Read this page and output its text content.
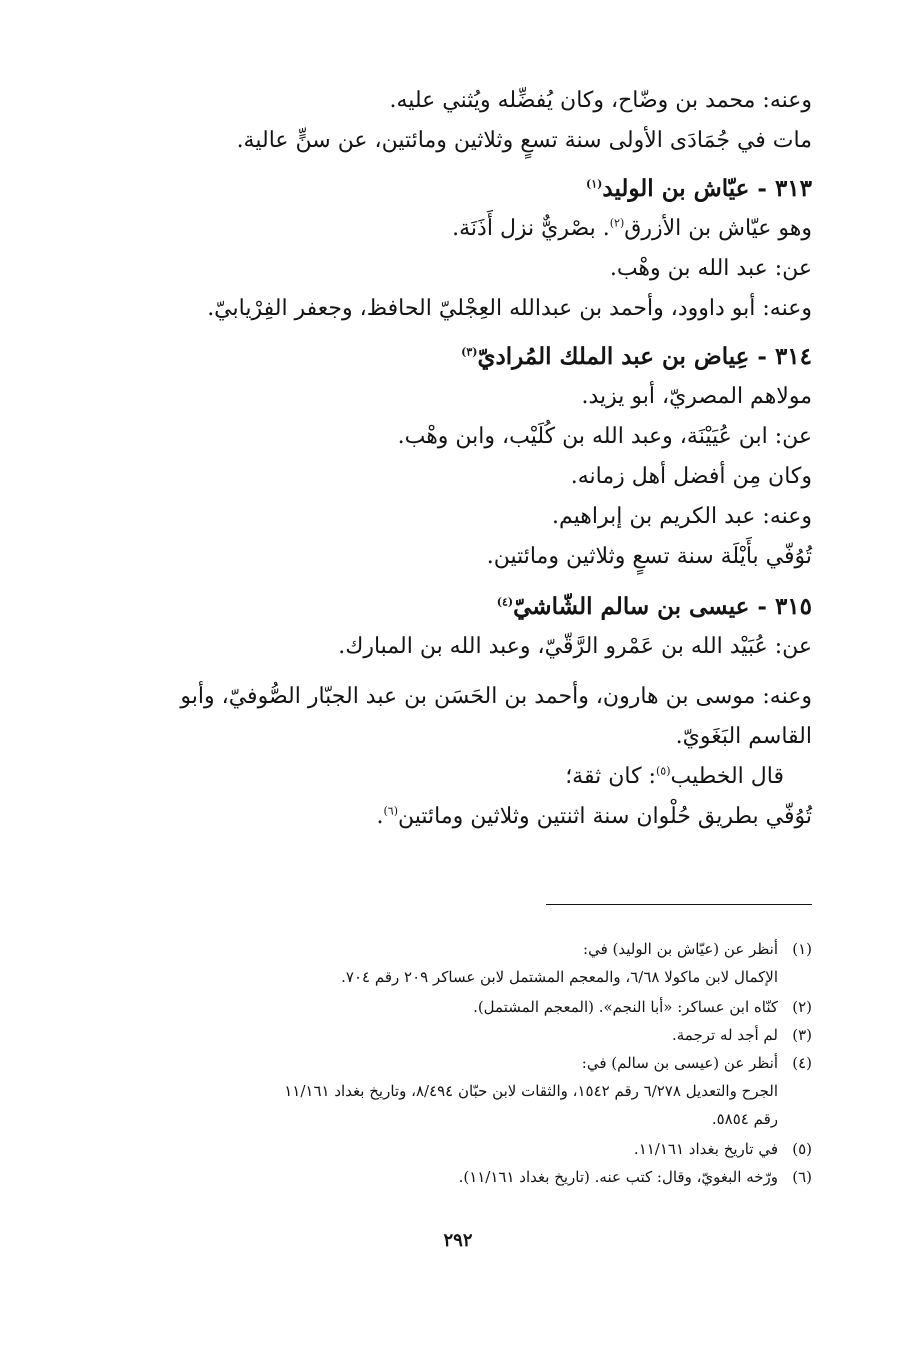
وعنه: محمد بن وضّاح، وكان يُفضِّله ويُثني عليه.
مات في جُمَادَى الأولى سنة تسعٍ وثلاثين ومائتين، عن سنٍّ عالية.
٣١٣ - عيّاش بن الوليد$^{(١)}$
وهو عيّاش بن الأزرق$^{(٢)}$. بصْريٌّ نزل أَذَنَة.
عن: عبد الله بن وهْب.
وعنه: أبو داوود، وأحمد بن عبدالله العِجْليّ الحافظ، وجعفر الفِرْيابيّ.
٣١٤ - عِياض بن عبد الملك المُراديّ$^{(٣)}$
مولاهم المصريّ، أبو يزيد.
عن: ابن عُيَيْنَة، وعبد الله بن كُلَيْب، وابن وهْب.
وكان مِن أفضل أهل زمانه.
وعنه: عبد الكريم بن إبراهيم.
تُوُفّي بأَيْلَة سنة تسعٍ وثلاثين ومائتين.
٣١٥ - عيسى بن سالم الشّاشيّ$^{(٤)}$
عن: عُبَيْد الله بن عَمْرو الرَّقّيّ، وعبد الله بن المبارك.
وعنه: موسى بن هارون، وأحمد بن الحَسَن بن عبد الجبّار الصُّوفيّ، وأبو
القاسم البَغَويّ.
قال الخطيب$^{(٥)}$: كان ثقة؛
تُوُفّي بطريق حُلْوان سنة اثنتين وثلاثين ومائتين$^{(٦)}$.
(١)أنظر عن (عيّاش بن الوليد) في:
الإكمال لابن ماكولا ٦/٦٨، والمعجم المشتمل لابن عساكر ٢٠٩ رقم ٧٠٤.
(٢)كنّاه ابن عساكر: «أبا النجم». (المعجم المشتمل).
(٣)لم أجد له ترجمة.
(٤)أنظر عن (عيسى بن سالم) في:
الجرح والتعديل ٦/٢٧٨ رقم ١٥٤٢، والثقات لابن حبّان ٨/٤٩٤، وتاريخ بغداد ١١/١٦١
رقم ٥٨٥٤.
(٥)في تاريخ بغداد ١١/١٦١.
(٦)ورّخه البغويّ، وقال: كتب عنه. (تاريخ بغداد ١١/١٦١).
٢٩٢
